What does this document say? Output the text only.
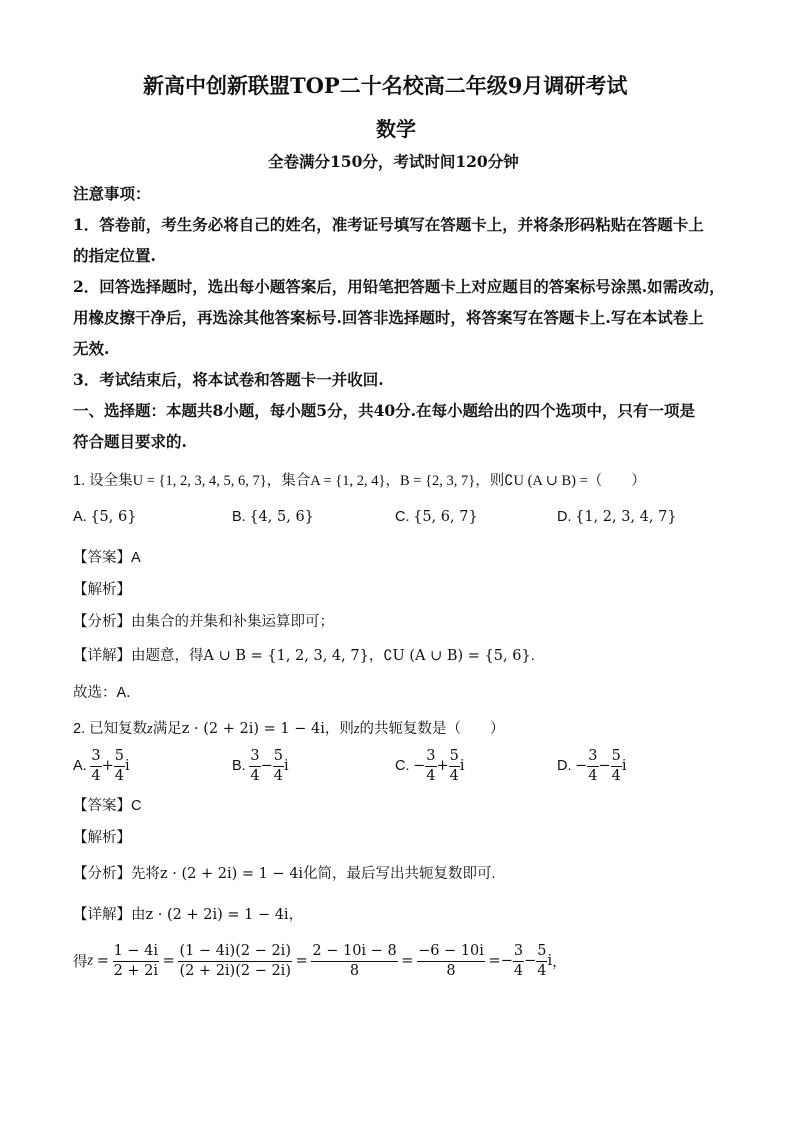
新高中创新联盟TOP二十名校高二年级9月调研考试
数学
全卷满分150分，考试时间120分钟
注意事项：
1．答卷前，考生务必将自己的姓名，准考证号填写在答题卡上，并将条形码粘贴在答题卡上
的指定位置.
2．回答选择题时，选出每小题答案后，用铅笔把答题卡上对应题目的答案标号涂黑.如需改动，
用橡皮擦干净后，再选涂其他答案标号.回答非选择题时，将答案写在答题卡上.写在本试卷上
无效.
3．考试结束后，将本试卷和答题卡一并收回.
一、选择题：本题共8小题，每小题5分，共40分.在每小题给出的四个选项中，只有一项是
符合题目要求的.
1. 设全集U = {1, 2, 3, 4, 5, 6, 7}，集合A = {1, 2, 4}，B = {2, 3, 7}，则∁U (A ∪ B) =（　　）
A. {5, 6}	B. {4, 5, 6}	C. {5, 6, 7}	D. {1, 2, 3, 4, 7}
【答案】A
【解析】
【分析】由集合的并集和补集运算即可；
【详解】由题意，得A ∪ B = {1, 2, 3, 4, 7}，∁U (A ∪ B) = {5, 6}.
故选：A．
2. 已知复数z满足z · (2 + 2i) = 1 − 4i，则z的共轭复数是（　　）
A. $\frac{3}{4} + \frac{5}{4}$ i	B. $\frac{3}{4} - \frac{5}{4}$ i	C. − $\frac{3}{4} + \frac{5}{4}$ i	D. − $\frac{3}{4} - \frac{5}{4}$ i
【答案】C
【解析】
【分析】先将z · (2 + 2i) = 1 − 4i化简，最后写出共轭复数即可.
【详解】由z · (2 + 2i) = 1 − 4i，
得$z = \frac{1 - 4i}{2 + 2i} = \frac{(1 - 4i)(2 - 2i)}{(2 + 2i)(2 - 2i)} = \frac{2 - 10i - 8}{8} = \frac{-6 - 10i}{8} =- \frac{3}{4} - \frac{5}{4}$ i，
